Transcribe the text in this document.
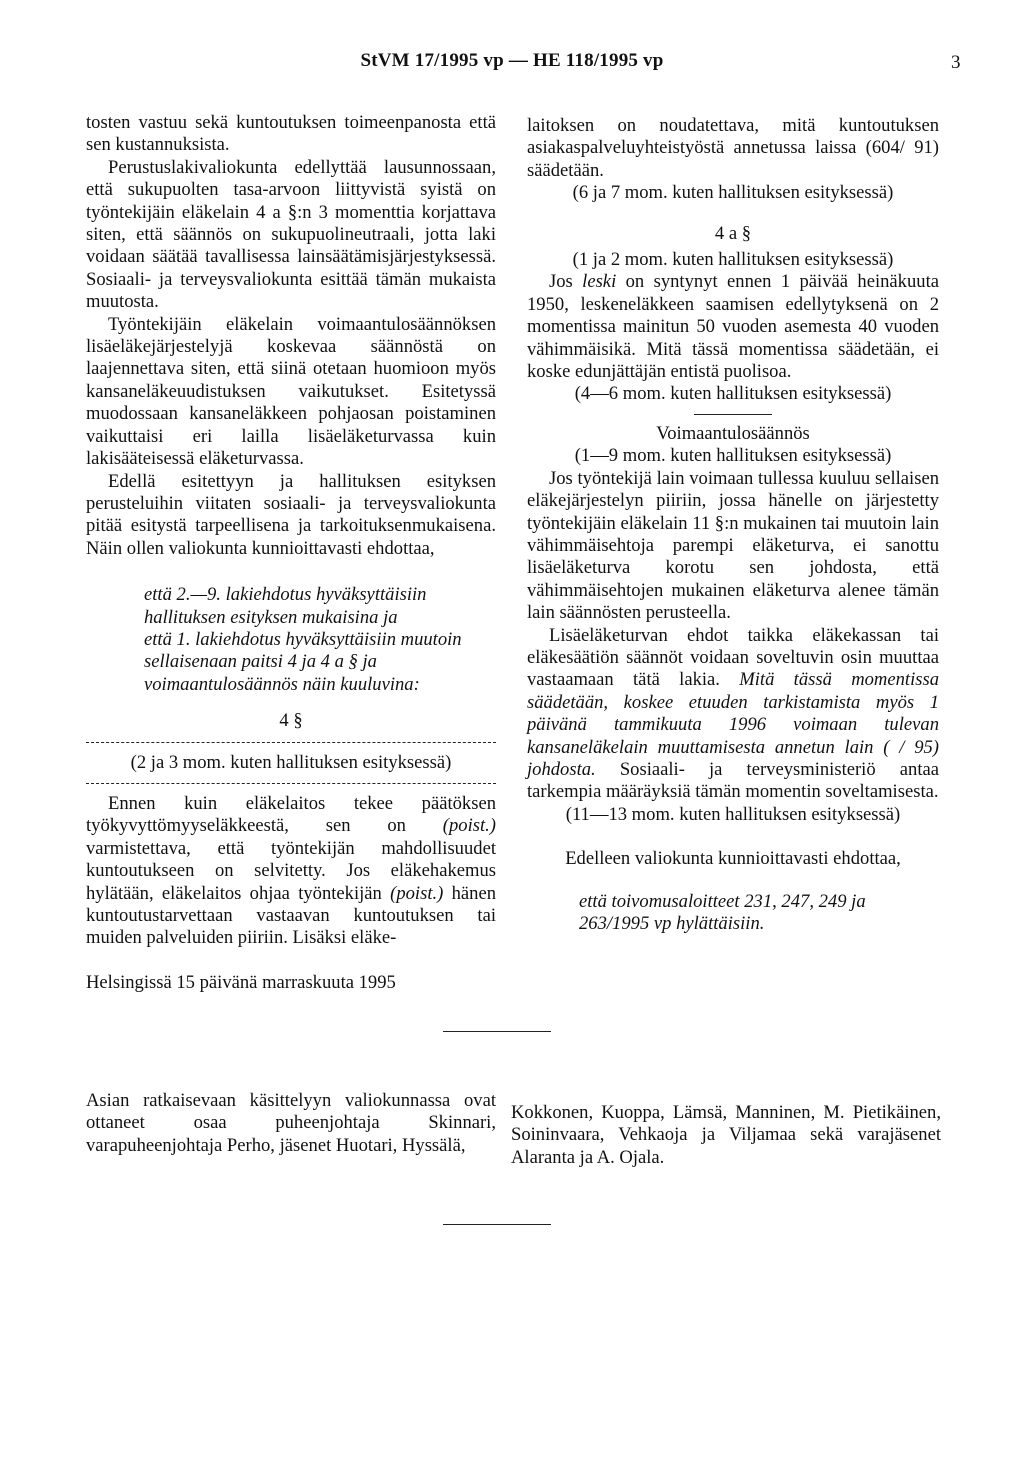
StVM 17/1995 vp — HE 118/1995 vp	3

tosten vastuu sekä kuntoutuksen toimeenpanosta että sen kustannuksista.

Perustuslakivaliokunta edellyttää lausunnossaan, että sukupuolten tasa-arvoon liittyvistä syistä on työntekijäin eläkelain 4 a §:n 3 momenttia korjattava siten, että säännös on sukupuolineutraali, jotta laki voidaan säätää tavallisessa lainsäätämisjärjestyksessä. Sosiaali- ja terveysvaliokunta esittää tämän mukaista muutosta.

Työntekijäin eläkelain voimaantulosäännöksen lisäeläkejärjestelyjä koskevaa säännöstä on laajennettava siten, että siinä otetaan huomioon myös kansaneläkeuudistuksen vaikutukset. Esitetyssä muodossaan kansaneläkkeen pohjaosan poistaminen vaikuttaisi eri lailla lisäeläketurvassa kuin lakisääteisessä eläketurvassa.

Edellä esitettyyn ja hallituksen esityksen perusteluihin viitaten sosiaali- ja terveysvaliokunta pitää esitystä tarpeellisena ja tarkoituksenmukaisena. Näin ollen valiokunta kunnioittavasti ehdottaa,

että 2.—9. lakiehdotus hyväksyttäisiin hallituksen esityksen mukaisina ja

että 1. lakiehdotus hyväksyttäisiin muutoin sellaisenaan paitsi 4 ja 4 a § ja voimaantulosäännös näin kuuluvina:

4 §

(2 ja 3 mom. kuten hallituksen esityksessä)

Ennen kuin eläkelaitos tekee päätöksen työkyvyttömyyseläkkeestä, sen on (poist.) varmistettava, että työntekijän mahdollisuudet kuntoutukseen on selvitetty. Jos eläkehakemus hylätään, eläkelaitos ohjaa työntekijän (poist.) hänen kuntoutustarvettaan vastaavan kuntoutuksen tai muiden palveluiden piiriin. Lisäksi eläke-

laitoksen on noudatettava, mitä kuntoutuksen asiakaspalveluyhteistyöstä annetussa laissa (604/ 91) säädetään.

(6 ja 7 mom. kuten hallituksen esityksessä)

4 a §

(1 ja 2 mom. kuten hallituksen esityksessä)

Jos leski on syntynyt ennen 1 päivää heinäkuuta 1950, leskeneläkkeen saamisen edellytyksenä on 2 momentissa mainitun 50 vuoden asemesta 40 vuoden vähimmäisikä. Mitä tässä momentissa säädetään, ei koske edunjättäjän entistä puolisoa.

(4—6 mom. kuten hallituksen esityksessä)

Voimaantulosäännös

(1—9 mom. kuten hallituksen esityksessä)

Jos työntekijä lain voimaan tullessa kuuluu sellaisen eläkejärjestelyn piiriin, jossa hänelle on järjestetty työntekijäin eläkelain 11 §:n mukainen tai muutoin lain vähimmäisehtoja parempi eläketurva, ei sanottu lisäeläketurva korotu sen johdosta, että vähimmäisehtojen mukainen eläketurva alenee tämän lain säännösten perusteella.

Lisäeläketurvan ehdot taikka eläkekassan tai eläkesäätiön säännöt voidaan soveltuvin osin muuttaa vastaamaan tätä lakia. Mitä tässä momentissa säädetään, koskee etuuden tarkistamista myös 1 päivänä tammikuuta 1996 voimaan tulevan kansaneläkelain muuttamisesta annetun lain ( / 95) johdosta. Sosiaali- ja terveysministeriö antaa tarkempia määräyksiä tämän momentin soveltamisesta.

(11—13 mom. kuten hallituksen esityksessä)

Edelleen valiokunta kunnioittavasti ehdottaa,

että toivomusaloitteet 231, 247, 249 ja 263/1995 vp hylättäisiin.

Helsingissä 15 päivänä marraskuuta 1995
Asian ratkaisevaan käsittelyyn valiokunnassa ovat ottaneet osaa puheenjohtaja Skinnari, varapuheenjohtaja Perho, jäsenet Huotari, Hyssälä,
Kokkonen, Kuoppa, Lämsä, Manninen, M. Pietikäinen, Soininvaara, Vehkaoja ja Viljamaa sekä varajäsenet Alaranta ja A. Ojala.
